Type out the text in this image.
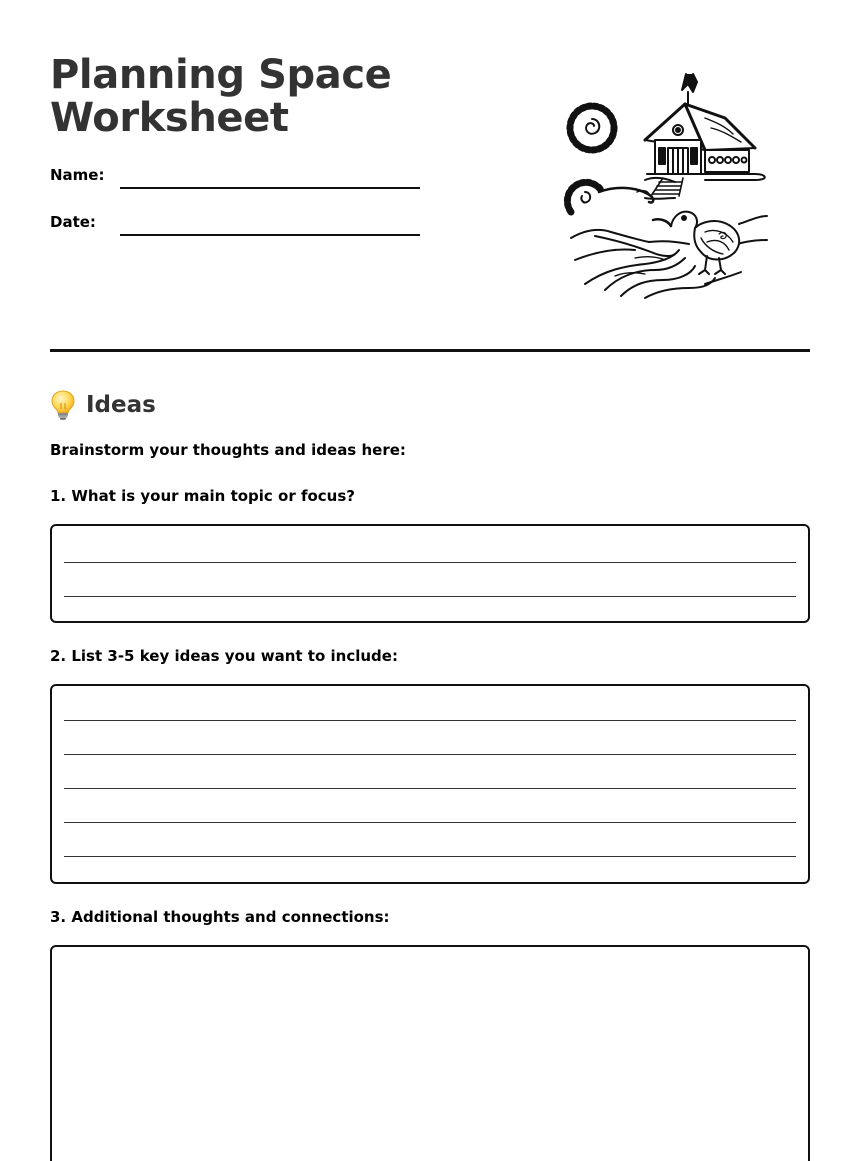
Planning Space
Worksheet
Name:
Date:
Ideas
Brainstorm your thoughts and ideas here:
1. What is your main topic or focus?
2. List 3-5 key ideas you want to include:
3. Additional thoughts and connections:
